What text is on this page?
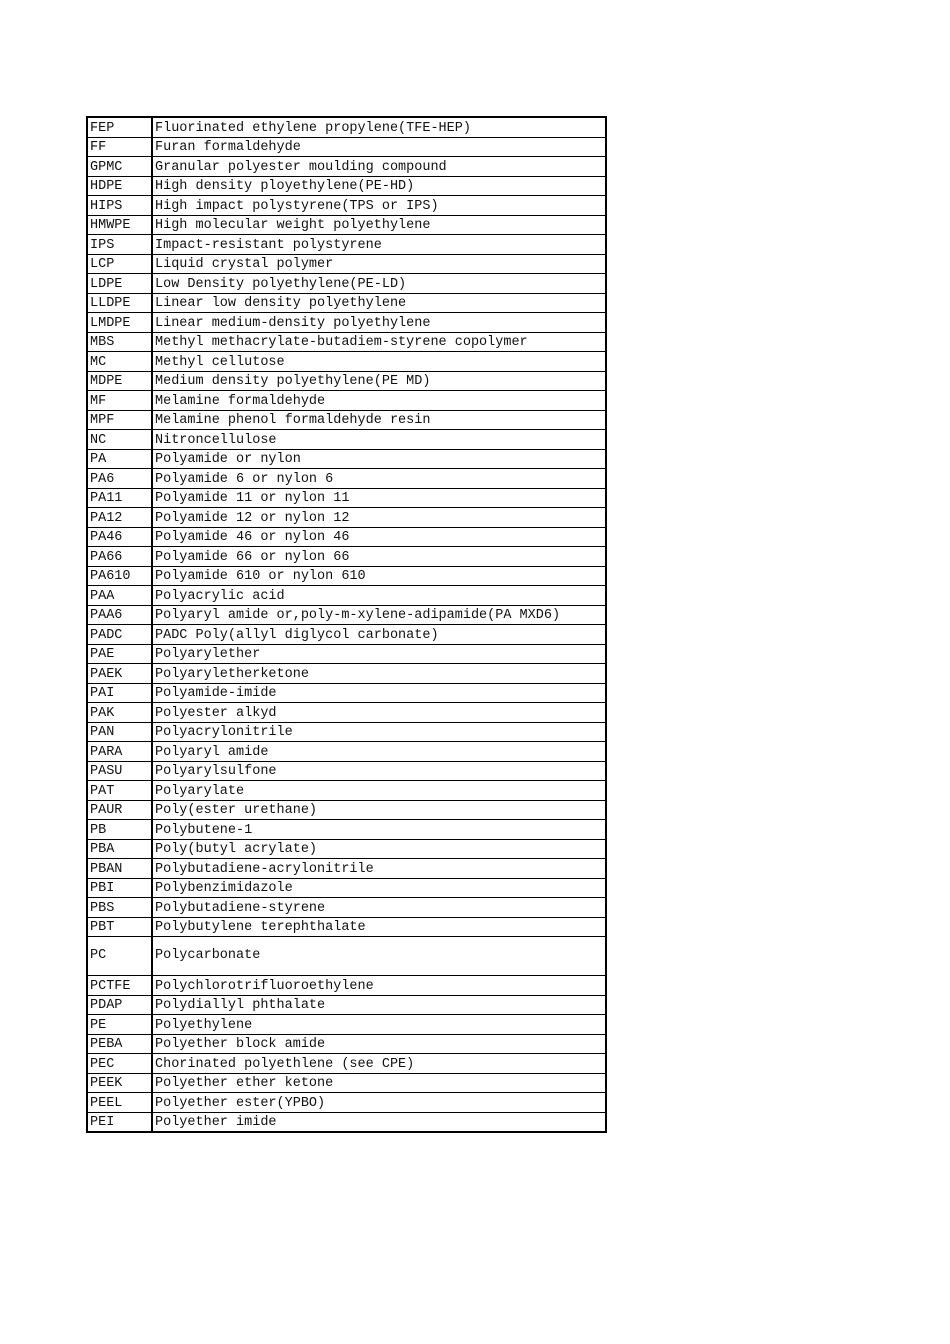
FEP	Fluorinated ethylene propylene(TFE-HEP)
FF	Furan formaldehyde
GPMC	Granular polyester moulding compound
HDPE	High density ployethylene(PE-HD)
HIPS	High impact polystyrene(TPS or IPS)
HMWPE	High molecular weight polyethylene
IPS	Impact-resistant polystyrene
LCP	Liquid crystal polymer
LDPE	Low Density polyethylene(PE-LD)
LLDPE	Linear low density polyethylene
LMDPE	Linear medium-density polyethylene
MBS	Methyl methacrylate-butadiem-styrene copolymer
MC	Methyl cellutose
MDPE	Medium density polyethylene(PE MD)
MF	Melamine formaldehyde
MPF	Melamine phenol formaldehyde resin
NC	Nitroncellulose
PA	Polyamide or nylon
PA6	Polyamide 6 or nylon 6
PA11	Polyamide 11 or nylon 11
PA12	Polyamide 12 or nylon 12
PA46	Polyamide 46 or nylon 46
PA66	Polyamide 66 or nylon 66
PA610	Polyamide 610 or nylon 610
PAA	Polyacrylic acid
PAA6	Polyaryl amide or,poly-m-xylene-adipamide(PA MXD6)
PADC	PADC Poly(allyl diglycol carbonate)
PAE	Polyarylether
PAEK	Polyaryletherketone
PAI	Polyamide-imide
PAK	Polyester alkyd
PAN	Polyacrylonitrile
PARA	Polyaryl amide
PASU	Polyarylsulfone
PAT	Polyarylate
PAUR	Poly(ester urethane)
PB	Polybutene-1
PBA	Poly(butyl acrylate)
PBAN	Polybutadiene-acrylonitrile
PBI	Polybenzimidazole
PBS	Polybutadiene-styrene
PBT	Polybutylene terephthalate
PC	Polycarbonate
PCTFE	Polychlorotrifluoroethylene
PDAP	Polydiallyl phthalate
PE	Polyethylene
PEBA	Polyether block amide
PEC	Chorinated polyethlene (see CPE)
PEEK	Polyether ether ketone
PEEL	Polyether ester(YPBO)
PEI	Polyether imide
